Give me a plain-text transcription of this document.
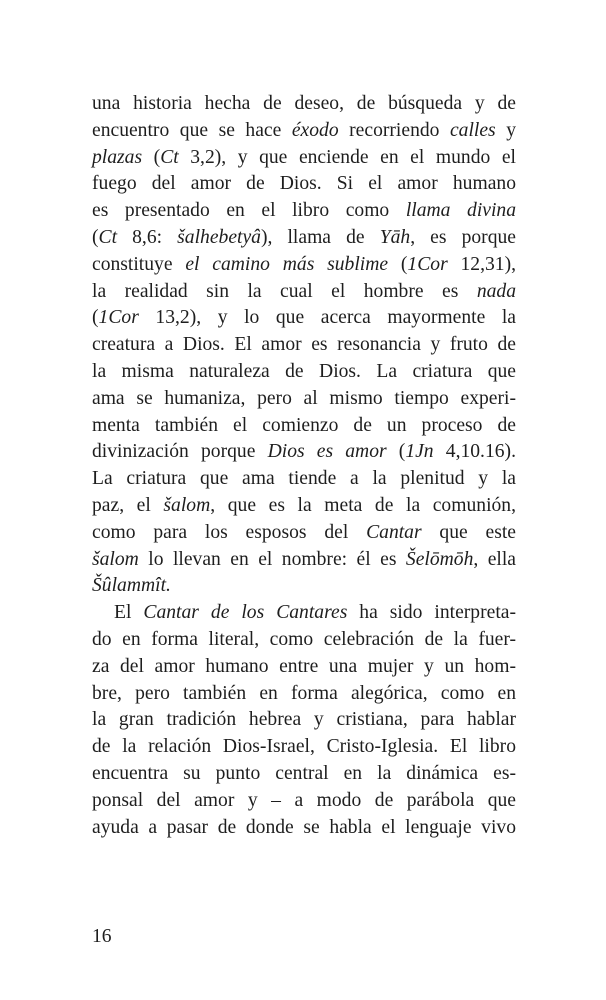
una historia hecha de deseo, de búsqueda y de
encuentro que se hace éxodo recorriendo calles y
plazas (Ct 3,2), y que enciende en el mundo el
fuego del amor de Dios. Si el amor humano
es presentado en el libro como llama divina
(Ct 8,6: šalhebetyâ), llama de Yāh, es porque
constituye el camino más sublime (1Cor 12,31),
la realidad sin la cual el hombre es nada
(1Cor 13,2), y lo que acerca mayormente la
creatura a Dios. El amor es resonancia y fruto de
la misma naturaleza de Dios. La criatura que
ama se humaniza, pero al mismo tiempo experi-
menta también el comienzo de un proceso de
divinización porque Dios es amor (1Jn 4,10.16).
La criatura que ama tiende a la plenitud y la
paz, el šalom, que es la meta de la comunión,
como para los esposos del Cantar que este
šalom lo llevan en el nombre: él es Šelōmōh, ella
Šûlammît.
El Cantar de los Cantares ha sido interpreta-
do en forma literal, como celebración de la fuer-
za del amor humano entre una mujer y un hom-
bre, pero también en forma alegórica, como en
la gran tradición hebrea y cristiana, para hablar
de la relación Dios-Israel, Cristo-Iglesia. El libro
encuentra su punto central en la dinámica es-
ponsal del amor y – a modo de parábola que
ayuda a pasar de donde se habla el lenguaje vivo
16
